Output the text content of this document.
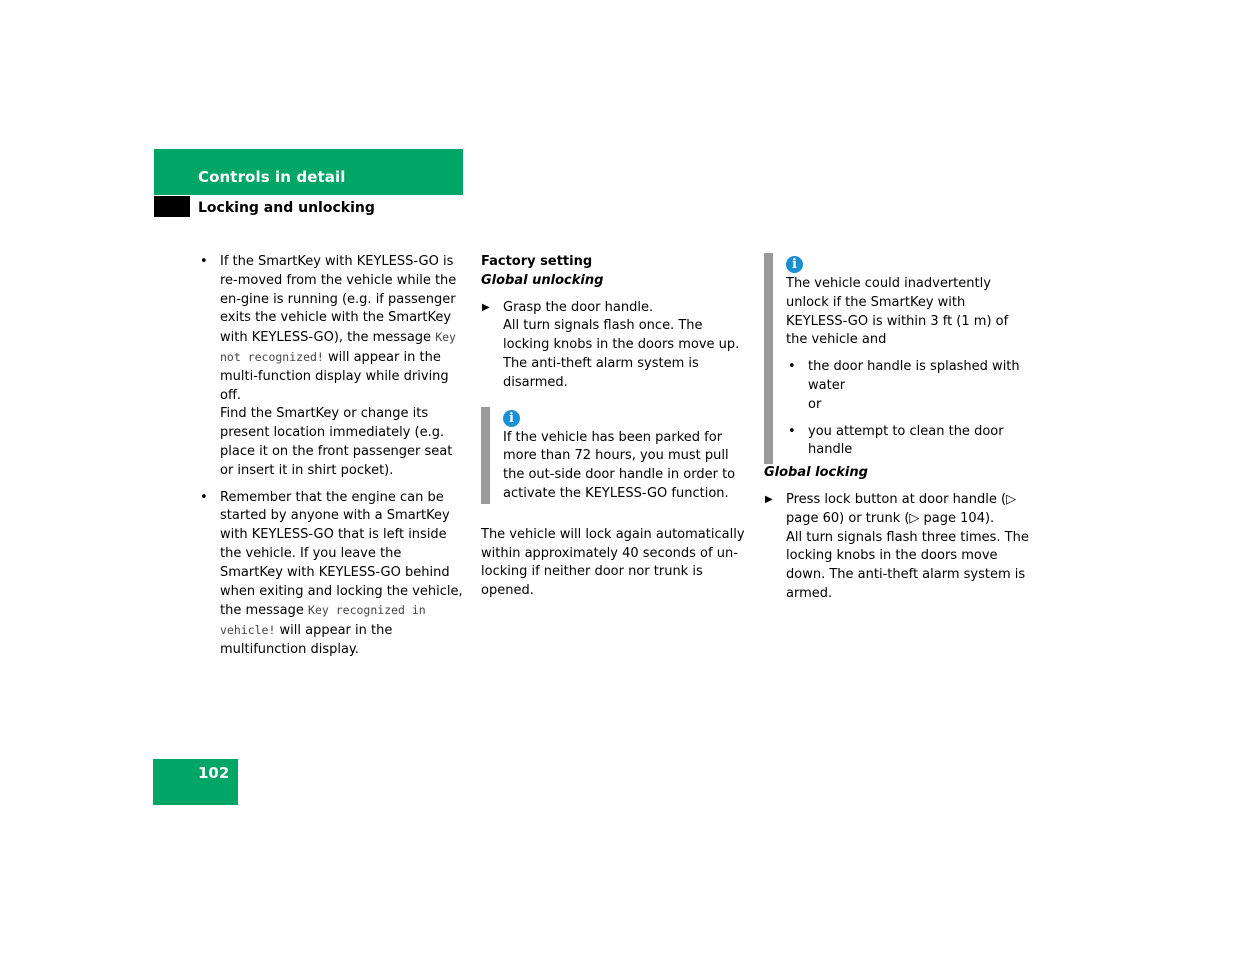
Controls in detail
Locking and unlocking
• If the SmartKey with KEYLESS-GO is re-moved from the vehicle while the en-gine is running (e.g. if passenger exits the vehicle with the SmartKey with KEYLESS-GO), the message Key not recognized! will appear in the multi-function display while driving off.

Find the SmartKey or change its present location immediately (e.g. place it on the front passenger seat or insert it in shirt pocket).

• Remember that the engine can be started by anyone with a SmartKey with KEYLESS-GO that is left inside the vehicle. If you leave the SmartKey with KEYLESS-GO behind when exiting and locking the vehicle, the message Key recognized in vehicle! will appear in the multifunction display.

Factory setting

Global unlocking

▶ Grasp the door handle.

All turn signals flash once. The locking knobs in the doors move up. The anti-theft alarm system is disarmed.

i

If the vehicle has been parked for more than 72 hours, you must pull the out-side door handle in order to activate the KEYLESS-GO function.

The vehicle will lock again automatically within approximately 40 seconds of un-locking if neither door nor trunk is opened.

i

The vehicle could inadvertently unlock if the SmartKey with KEYLESS-GO is within 3 ft (1 m) of the vehicle and

• the door handle is splashed with water

or

• you attempt to clean the door handle

Global locking

▶ Press lock button at door handle (▷ page 60) or trunk (▷ page 104).

All turn signals flash three times. The locking knobs in the doors move down. The anti-theft alarm system is armed.

102
